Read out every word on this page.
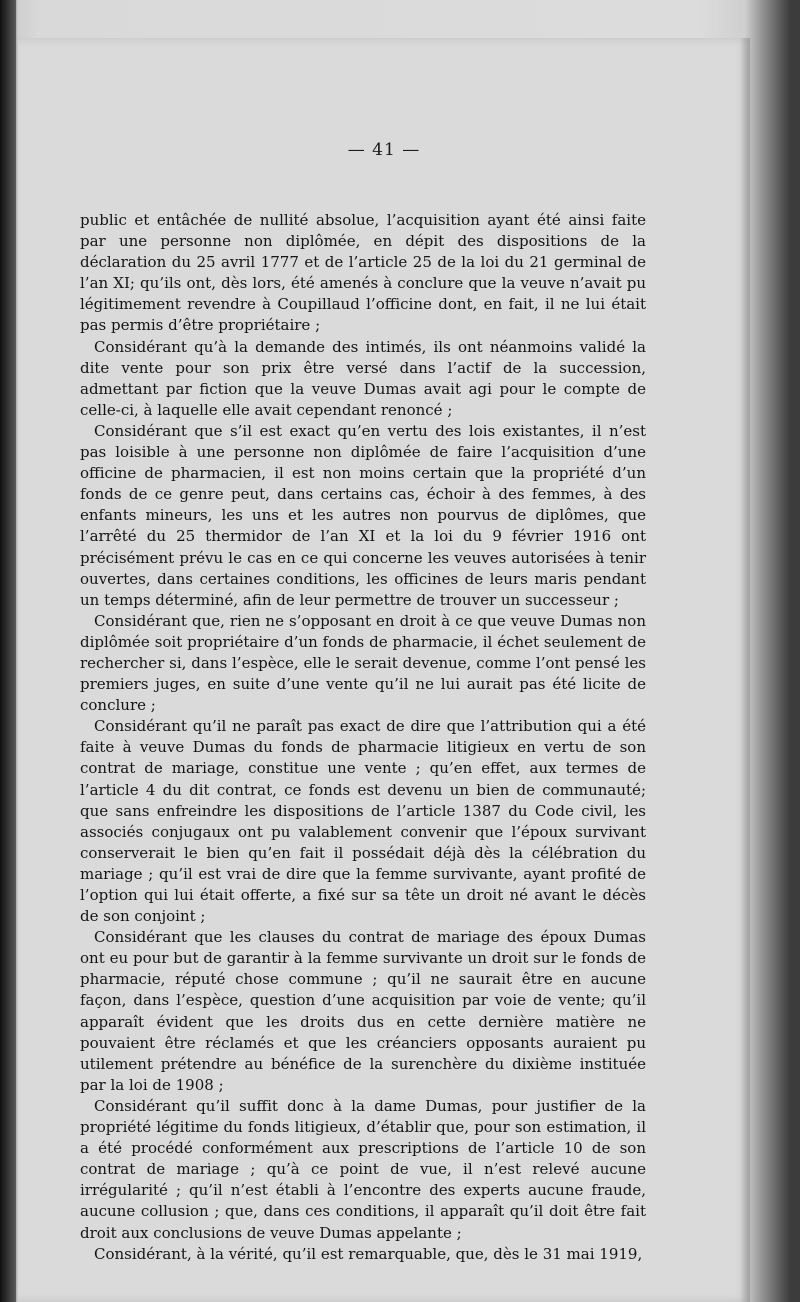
— 41 —

public et entâchée de nullité absolue, l’acquisition ayant été ainsi faite par une personne non diplômée, en dépit des dispositions de la déclaration du 25 avril 1777 et de l’article 25 de la loi du 21 germinal de l’an XI; qu’ils ont, dès lors, été amenés à conclure que la veuve n’avait pu légitimement revendre à Coupillaud l’officine dont, en fait, il ne lui était pas permis d’être propriétaire ;

Considérant qu’à la demande des intimés, ils ont néanmoins validé la dite vente pour son prix être versé dans l’actif de la succession, admettant par fiction que la veuve Dumas avait agi pour le compte de celle-ci, à laquelle elle avait cependant renoncé ;

Considérant que s’il est exact qu’en vertu des lois existantes, il n’est pas loisible à une personne non diplômée de faire l’acquisition d’une officine de pharmacien, il est non moins certain que la propriété d’un fonds de ce genre peut, dans certains cas, échoir à des femmes, à des enfants mineurs, les uns et les autres non pourvus de diplômes, que l’arrêté du 25 thermidor de l’an XI et la loi du 9 février 1916 ont précisément prévu le cas en ce qui concerne les veuves autorisées à tenir ouvertes, dans certaines conditions, les officines de leurs maris pendant un temps déterminé, afin de leur permettre de trouver un successeur ;

Considérant que, rien ne s’opposant en droit à ce que veuve Dumas non diplômée soit propriétaire d’un fonds de pharmacie, il échet seulement de rechercher si, dans l’espèce, elle le serait devenue, comme l’ont pensé les premiers juges, en suite d’une vente qu’il ne lui aurait pas été licite de conclure ;

Considérant qu’il ne paraît pas exact de dire que l’attribution qui a été faite à veuve Dumas du fonds de pharmacie litigieux en vertu de son contrat de mariage, constitue une vente ; qu’en effet, aux termes de l’article 4 du dit contrat, ce fonds est devenu un bien de communauté; que sans enfreindre les dispositions de l’article 1387 du Code civil, les associés conjugaux ont pu valablement convenir que l’époux survivant conserverait le bien qu’en fait il possédait déjà dès la célébration du mariage ; qu’il est vrai de dire que la femme survivante, ayant profité de l’option qui lui était offerte, a fixé sur sa tête un droit né avant le décès de son conjoint ;

Considérant que les clauses du contrat de mariage des époux Dumas ont eu pour but de garantir à la femme survivante un droit sur le fonds de pharmacie, réputé chose commune ; qu’il ne saurait être en aucune façon, dans l’espèce, question d’une acquisition par voie de vente; qu’il apparaît évident que les droits dus en cette dernière matière ne pouvaient être réclamés et que les créanciers opposants auraient pu utilement prétendre au bénéfice de la surenchère du dixième instituée par la loi de 1908 ;

Considérant qu’il suffit donc à la dame Dumas, pour justifier de la propriété légitime du fonds litigieux, d’établir que, pour son estimation, il a été procédé conformément aux prescriptions de l’article 10 de son contrat de mariage ; qu’à ce point de vue, il n’est relevé aucune irrégularité ; qu’il n’est établi à l’encontre des experts aucune fraude, aucune collusion ; que, dans ces conditions, il apparaît qu’il doit être fait droit aux conclusions de veuve Dumas appelante ;

Considérant, à la vérité, qu’il est remarquable, que, dès le 31 mai 1919,
